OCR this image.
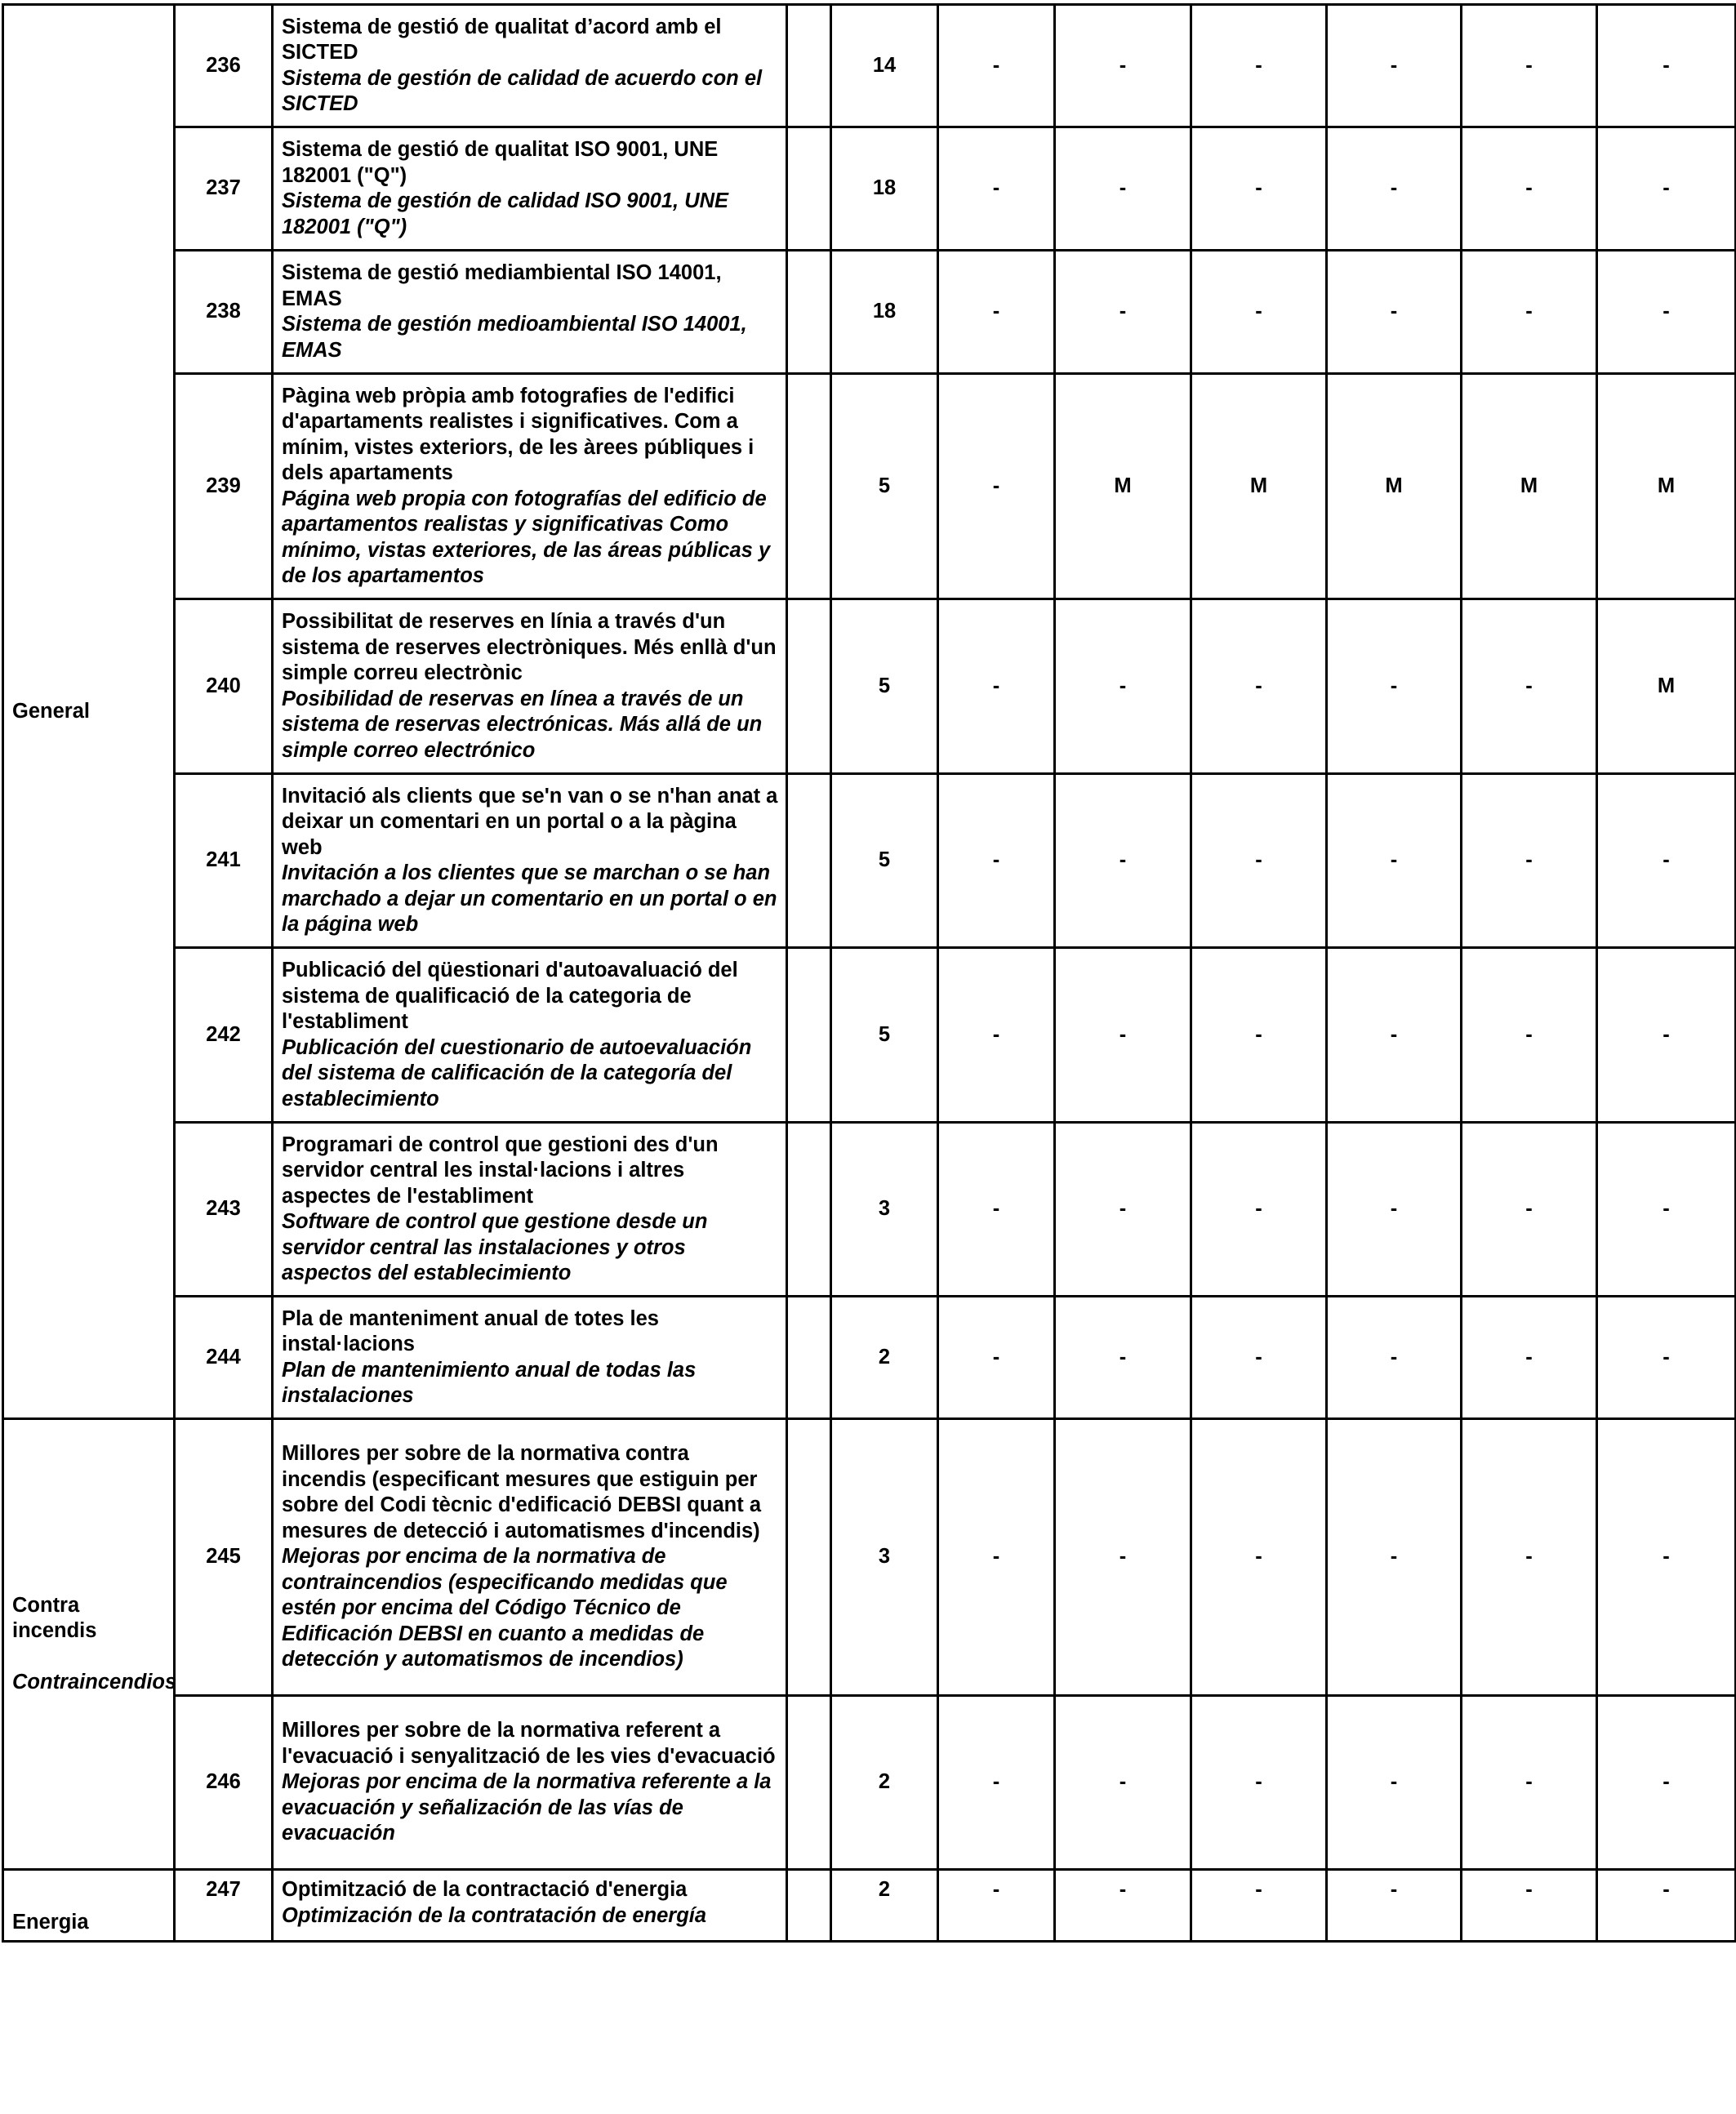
General	236	Sistema de gestió de qualitat d’acord amb el SICTED
Sistema de gestión de calidad de acuerdo con el SICTED		14	-	-	-	-	-	-
	237	Sistema de gestió de qualitat ISO 9001, UNE 182001 ("Q")
Sistema de gestión de calidad ISO 9001, UNE 182001 ("Q")		18	-	-	-	-	-	-
	238	Sistema de gestió mediambiental ISO 14001, EMAS
Sistema de gestión medioambiental ISO 14001, EMAS		18	-	-	-	-	-	-
	239	Pàgina web pròpia amb fotografies de l'edifici d'apartaments realistes i significatives. Com a mínim, vistes exteriors, de les àrees públiques i dels apartaments
Página web propia con fotografías del edificio de apartamentos realistas y significativas Como mínimo, vistas exteriores, de las áreas públicas y de los apartamentos		5	-	M	M	M	M	M
	240	Possibilitat de reserves en línia a través d'un sistema de reserves electròniques. Més enllà d'un simple correu electrònic
Posibilidad de reservas en línea a través de un sistema de reservas electrónicas. Más allá de un simple correo electrónico		5	-	-	-	-	-	M
	241	Invitació als clients que se'n van o se n'han anat a deixar un comentari en un portal o a la pàgina web
Invitación a los clientes que se marchan o se han marchado a dejar un comentario en un portal o en la página web		5	-	-	-	-	-	-
	242	Publicació del qüestionari d'autoavaluació del sistema de qualificació de la categoria de l'establiment
Publicación del cuestionario de autoevaluación del sistema de calificación de la categoría del establecimiento		5	-	-	-	-	-	-
	243	Programari de control que gestioni des d'un servidor central les instal·lacions i altres aspectes de l'establiment
Software de control que gestione desde un servidor central las instalaciones y otros aspectos del establecimiento		3	-	-	-	-	-	-
	244	Pla de manteniment anual de totes les instal·lacions
Plan de mantenimiento anual de todas las instalaciones		2	-	-	-	-	-	-

Contra incendis
Contraincendios	245	Millores per sobre de la normativa contra incendis (especificant mesures que estiguin per sobre del Codi tècnic d'edificació DEBSI quant a mesures de detecció i automatismes d'incendis)
Mejoras por encima de la normativa de contraincendios (especificando medidas que estén por encima del Código Técnico de Edificación DEBSI en cuanto a medidas de detección y automatismos de incendios)		3	-	-	-	-	-	-
	246	Millores per sobre de la normativa referent a l'evacuació i senyalització de les vies d'evacuació
Mejoras por encima de la normativa referente a la evacuación y señalización de las vías de evacuación		2	-	-	-	-	-	-

Energia	247	Optimització de la contractació d'energia
Optimización de la contratación de energía		2	-	-	-	-	-	-
